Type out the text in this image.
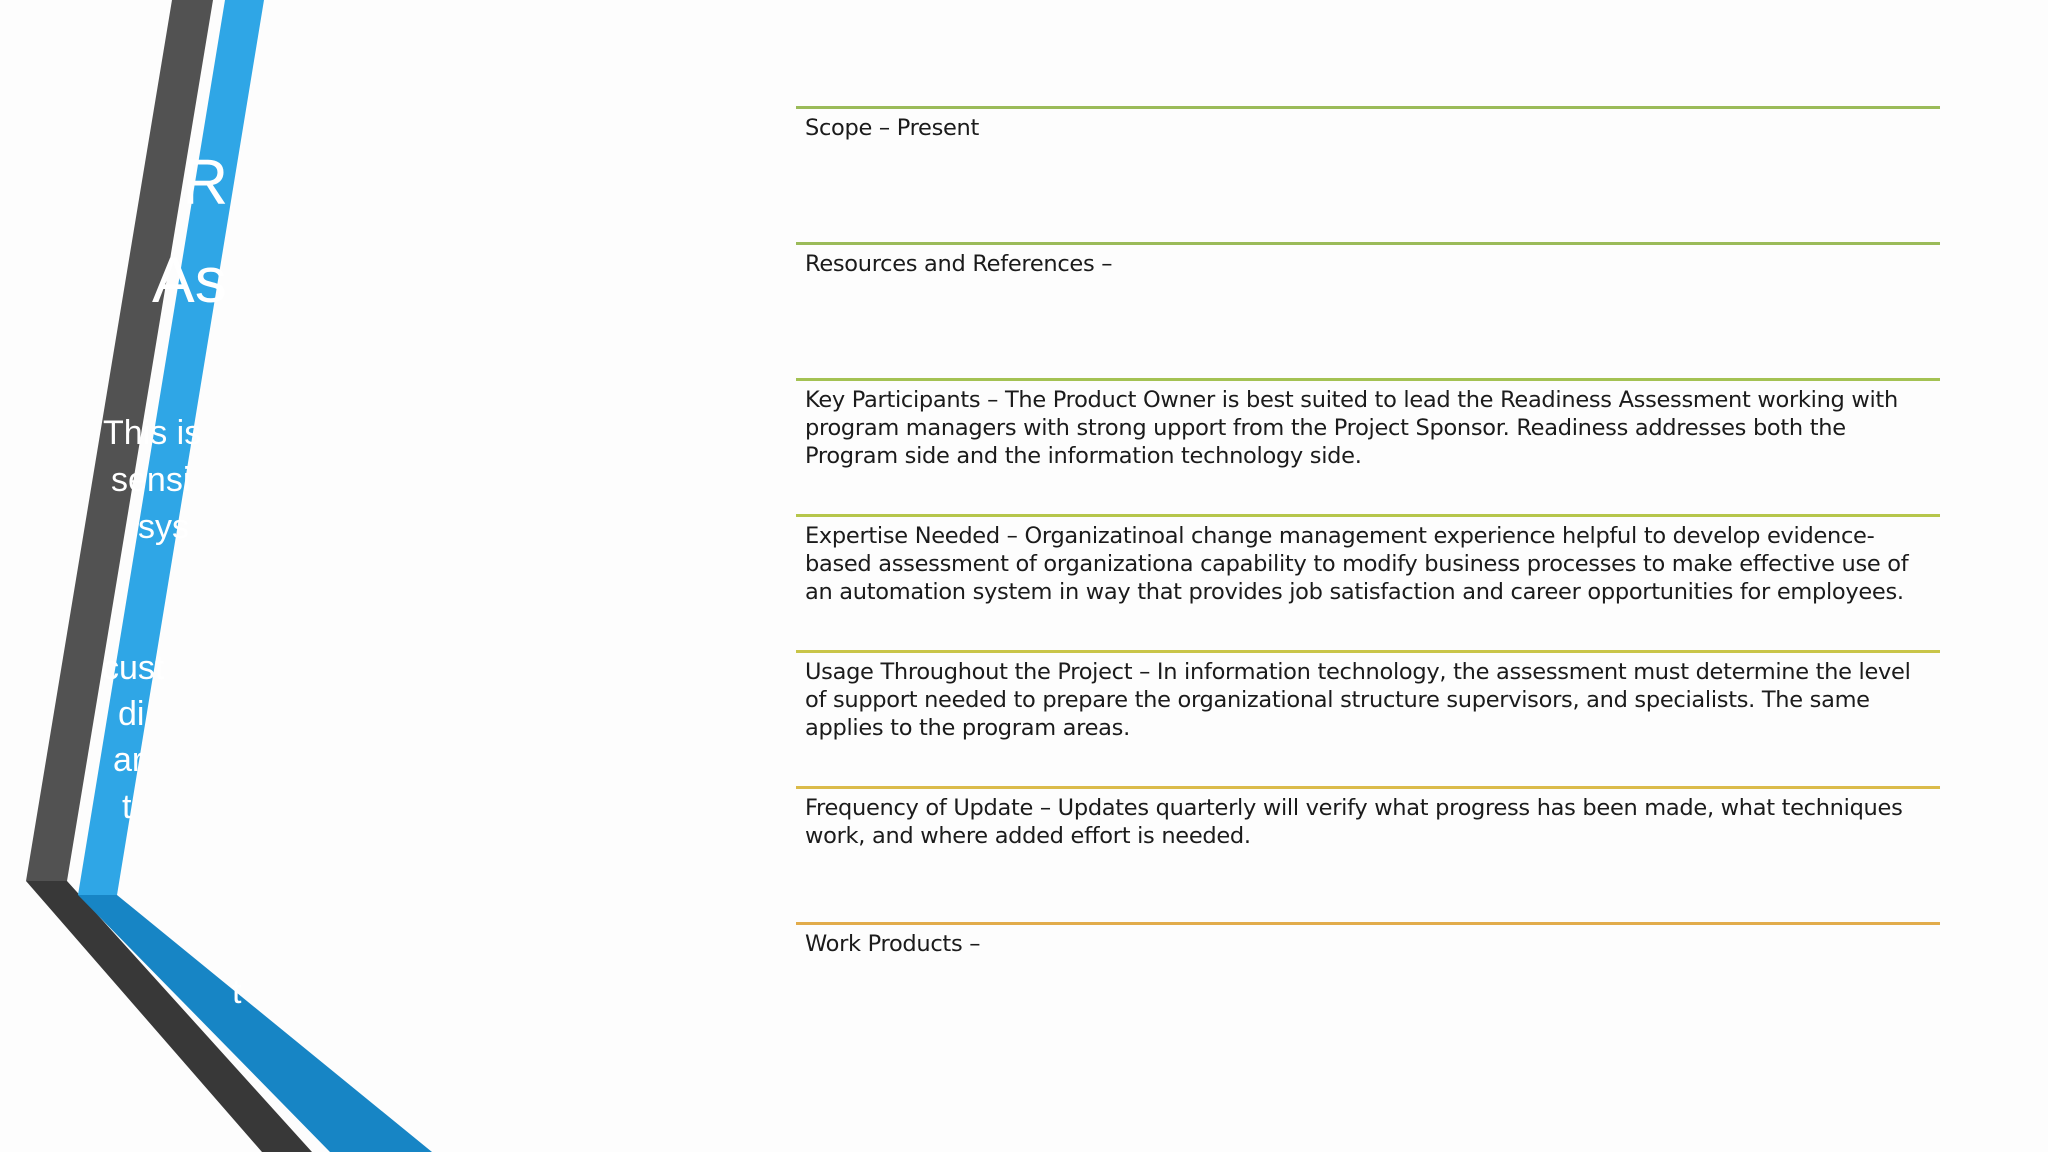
R
As
This is
sensi
sys
cust
di
ar
t
t
Scope – Present
Resources and References –
Key Participants – The Product Owner is best suited to lead the Readiness Assessment working with program managers with strong upport from the Project Sponsor. Readiness addresses both the Program side and the information technology side.
Expertise Needed – Organizatinoal change management experience helpful to develop evidence-based assessment of organizationa capability to modify business processes to make effective use of an automation system in way that provides job satisfaction and career opportunities for employees.
Usage Throughout the Project – In information technology, the assessment must determine the level of support needed to prepare the organizational structure supervisors, and specialists. The same applies to the program areas.
Frequency of Update – Updates quarterly will verify what progress has been made, what techniques work, and where added effort is needed.
Work Products –
